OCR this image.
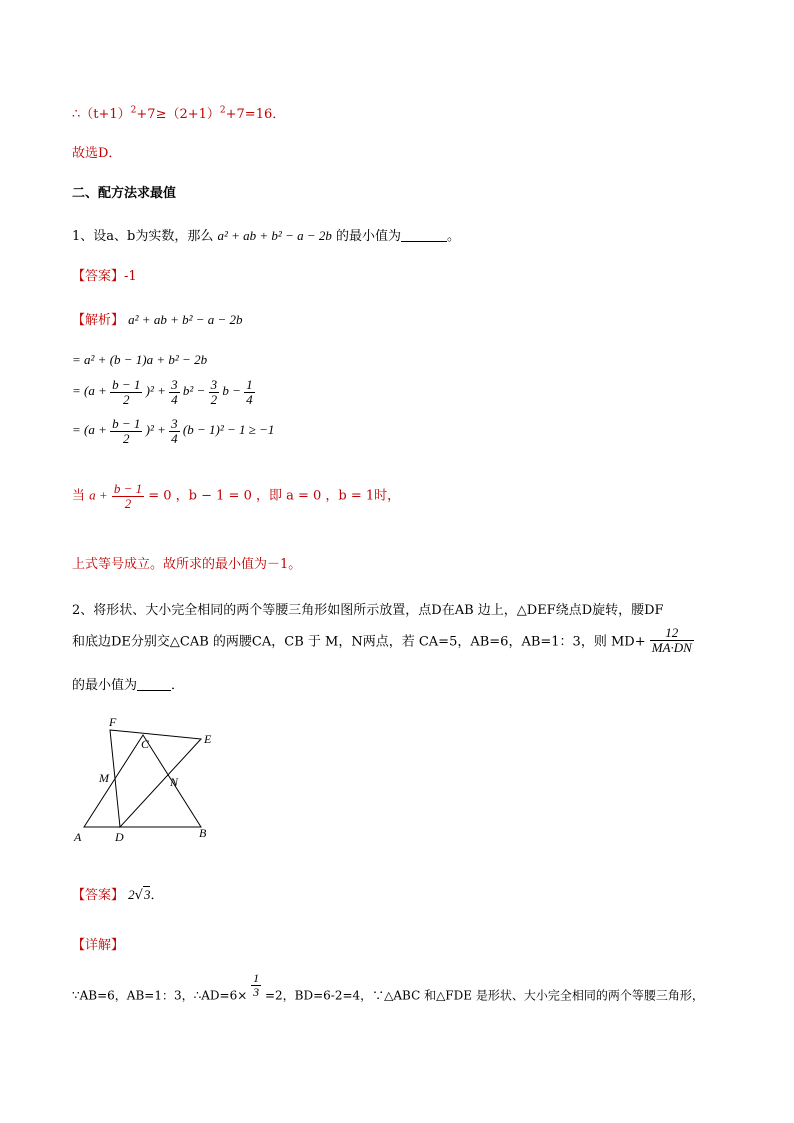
$\therefore(t+1)^2+7\ge(2+1)^2+7=16$．
故选D．
二、配方法求最值
1、设a、b为实数，那么 a² + ab + b² − a − 2b 的最小值为	。
【答案】-1
【解析】 a² + ab + b² − a − 2b
= a² + (b − 1)a + b² − 2b
= $(a + \frac{b - 1}{2} )^2 + \frac{3}{4} b^2 - \frac{3}{2}$ $b - \frac{1}{4}$
= $(a + \frac{b - 1}{2} )^2 + \frac{3}{4} (b - 1)^2 - 1 \ge -1$
当 $a + \frac{b - 1}{2} = 0$ ，b − 1 = 0 ，即 a = 0 ，b = 1时，
上式等号成立。故所求的最小值为－1。
2、将形状、大小完全相同的两个等腰三角形如图所示放置，点D在AB 边上，△DEF绕点D旋转，腰DF
和底边DE分别交△CAB 的两腰CA，CB 于 M，N两点，若 CA=5，AB=6，AB=1：3，则 $MD+ \frac{12}{MA\cdot DN}$
的最小值为	．
F
C	E
M	N
A	D	B
【答案】 2√3．
【详解】
∵AB=6，AB=1：3，∴AD=6× $\frac{1}{3} =2$，BD=6-2=4，∵△ABC 和△FDE 是形状、大小完全相同的两个等腰三角形，
